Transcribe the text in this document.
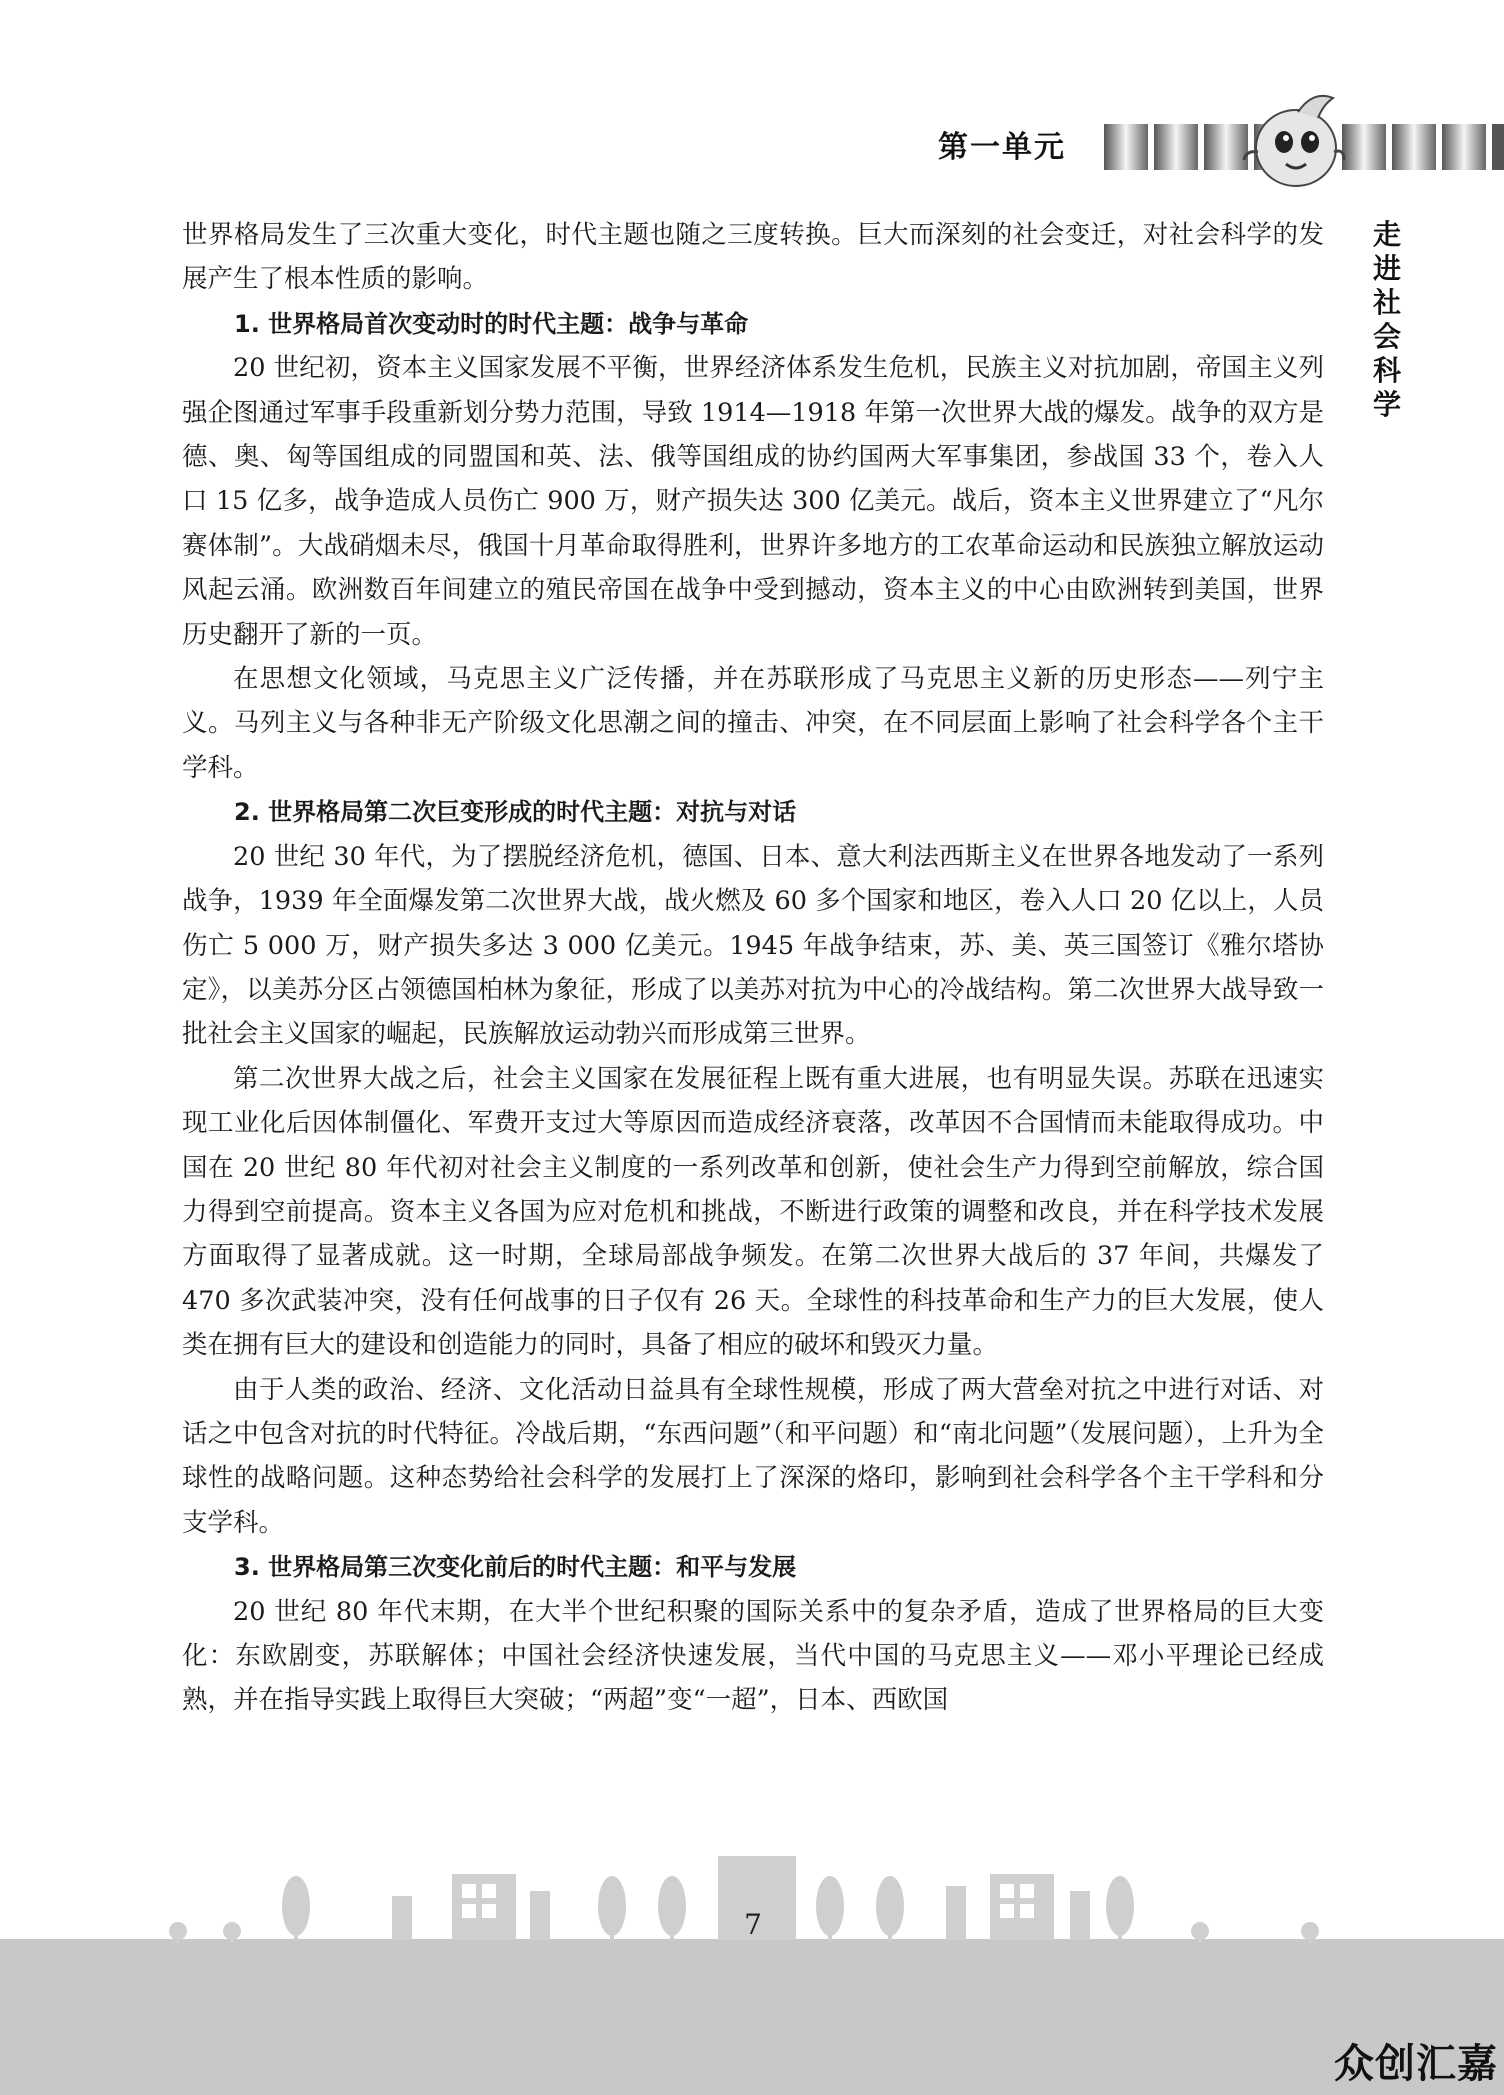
第一单元
走
进
社
会
科
学

世界格局发生了三次重大变化，时代主题也随之三度转换。巨大而深刻的社会变迁，对社会科学的发展产生了根本性质的影响。

1. 世界格局首次变动时的时代主题：战争与革命

20 世纪初，资本主义国家发展不平衡，世界经济体系发生危机，民族主义对抗加剧，帝国主义列强企图通过军事手段重新划分势力范围，导致 1914—1918 年第一次世界大战的爆发。战争的双方是德、奥、匈等国组成的同盟国和英、法、俄等国组成的协约国两大军事集团，参战国 33 个，卷入人口 15 亿多，战争造成人员伤亡 900 万，财产损失达 300 亿美元。战后，资本主义世界建立了“凡尔赛体制”。大战硝烟未尽，俄国十月革命取得胜利，世界许多地方的工农革命运动和民族独立解放运动风起云涌。欧洲数百年间建立的殖民帝国在战争中受到撼动，资本主义的中心由欧洲转到美国，世界历史翻开了新的一页。

在思想文化领域，马克思主义广泛传播，并在苏联形成了马克思主义新的历史形态——列宁主义。马列主义与各种非无产阶级文化思潮之间的撞击、冲突，在不同层面上影响了社会科学各个主干学科。

2. 世界格局第二次巨变形成的时代主题：对抗与对话

20 世纪 30 年代，为了摆脱经济危机，德国、日本、意大利法西斯主义在世界各地发动了一系列战争，1939 年全面爆发第二次世界大战，战火燃及 60 多个国家和地区，卷入人口 20 亿以上，人员伤亡 5 000 万，财产损失多达 3 000 亿美元。1945 年战争结束，苏、美、英三国签订《雅尔塔协定》，以美苏分区占领德国柏林为象征，形成了以美苏对抗为中心的冷战结构。第二次世界大战导致一批社会主义国家的崛起，民族解放运动勃兴而形成第三世界。

第二次世界大战之后，社会主义国家在发展征程上既有重大进展，也有明显失误。苏联在迅速实现工业化后因体制僵化、军费开支过大等原因而造成经济衰落，改革因不合国情而未能取得成功。中国在 20 世纪 80 年代初对社会主义制度的一系列改革和创新，使社会生产力得到空前解放，综合国力得到空前提高。资本主义各国为应对危机和挑战，不断进行政策的调整和改良，并在科学技术发展方面取得了显著成就。这一时期，全球局部战争频发。在第二次世界大战后的 37 年间，共爆发了 470 多次武装冲突，没有任何战事的日子仅有 26 天。全球性的科技革命和生产力的巨大发展，使人类在拥有巨大的建设和创造能力的同时，具备了相应的破坏和毁灭力量。

由于人类的政治、经济、文化活动日益具有全球性规模，形成了两大营垒对抗之中进行对话、对话之中包含对抗的时代特征。冷战后期，“东西问题”（和平问题）和“南北问题”（发展问题），上升为全球性的战略问题。这种态势给社会科学的发展打上了深深的烙印，影响到社会科学各个主干学科和分支学科。

3. 世界格局第三次变化前后的时代主题：和平与发展

20 世纪 80 年代末期，在大半个世纪积聚的国际关系中的复杂矛盾，造成了世界格局的巨大变化：东欧剧变，苏联解体；中国社会经济快速发展，当代中国的马克思主义——邓小平理论已经成熟，并在指导实践上取得巨大突破；“两超”变“一超”，日本、西欧国

7
众创汇嘉
